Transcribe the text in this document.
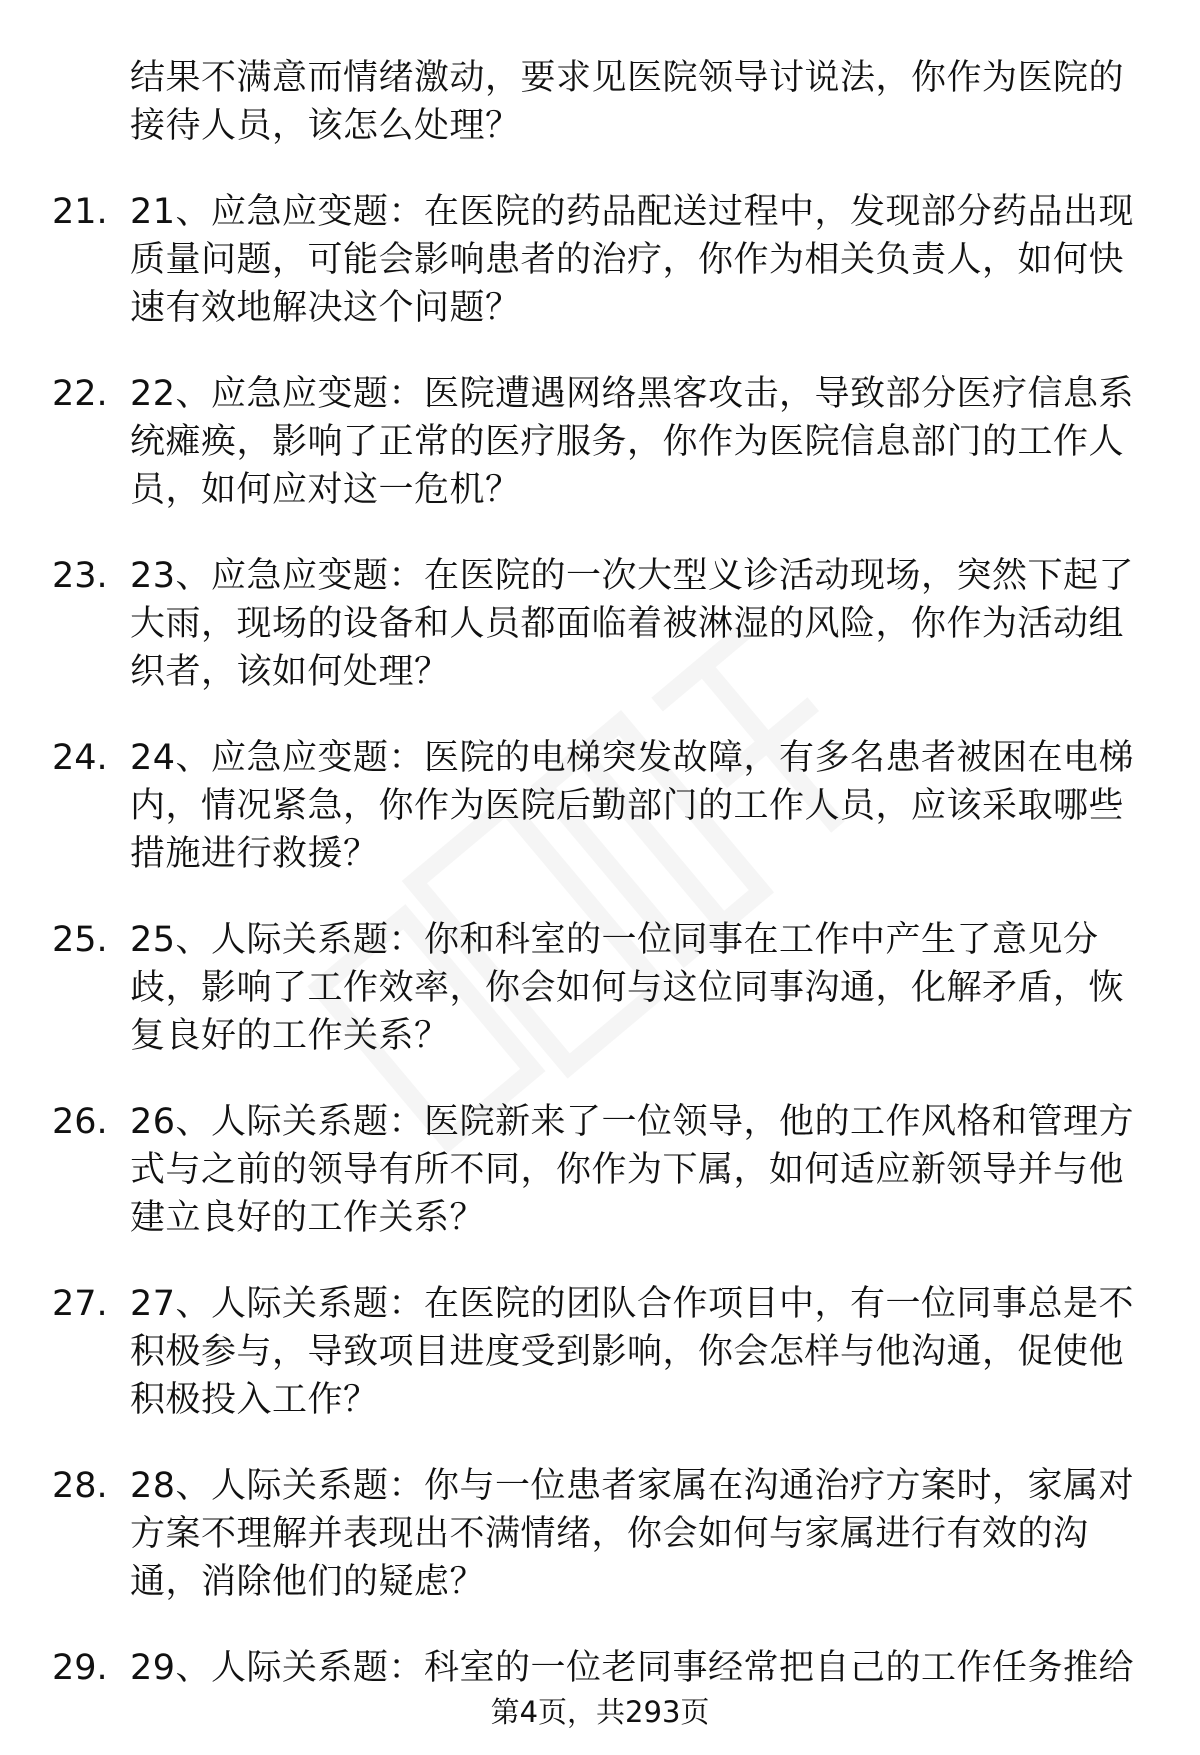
结果不满意而情绪激动，要求见医院领导讨说法，你作为医院的接待人员，该怎么处理？
21. 21、应急应变题：在医院的药品配送过程中，发现部分药品出现质量问题，可能会影响患者的治疗，你作为相关负责人，如何快速有效地解决这个问题？
22. 22、应急应变题：医院遭遇网络黑客攻击，导致部分医疗信息系统瘫痪，影响了正常的医疗服务，你作为医院信息部门的工作人员，如何应对这一危机？
23. 23、应急应变题：在医院的一次大型义诊活动现场，突然下起了大雨，现场的设备和人员都面临着被淋湿的风险，你作为活动组织者，该如何处理？
24. 24、应急应变题：医院的电梯突发故障，有多名患者被困在电梯内，情况紧急，你作为医院后勤部门的工作人员，应该采取哪些措施进行救援？
25. 25、人际关系题：你和科室的一位同事在工作中产生了意见分歧，影响了工作效率，你会如何与这位同事沟通，化解矛盾，恢复良好的工作关系？
26. 26、人际关系题：医院新来了一位领导，他的工作风格和管理方式与之前的领导有所不同，你作为下属，如何适应新领导并与他建立良好的工作关系？
27. 27、人际关系题：在医院的团队合作项目中，有一位同事总是不积极参与，导致项目进度受到影响，你会怎样与他沟通，促使他积极投入工作？
28. 28、人际关系题：你与一位患者家属在沟通治疗方案时，家属对方案不理解并表现出不满情绪，你会如何与家属进行有效的沟通，消除他们的疑虑？
29. 29、人际关系题：科室的一位老同事经常把自己的工作任务推给
第4页，共293页
